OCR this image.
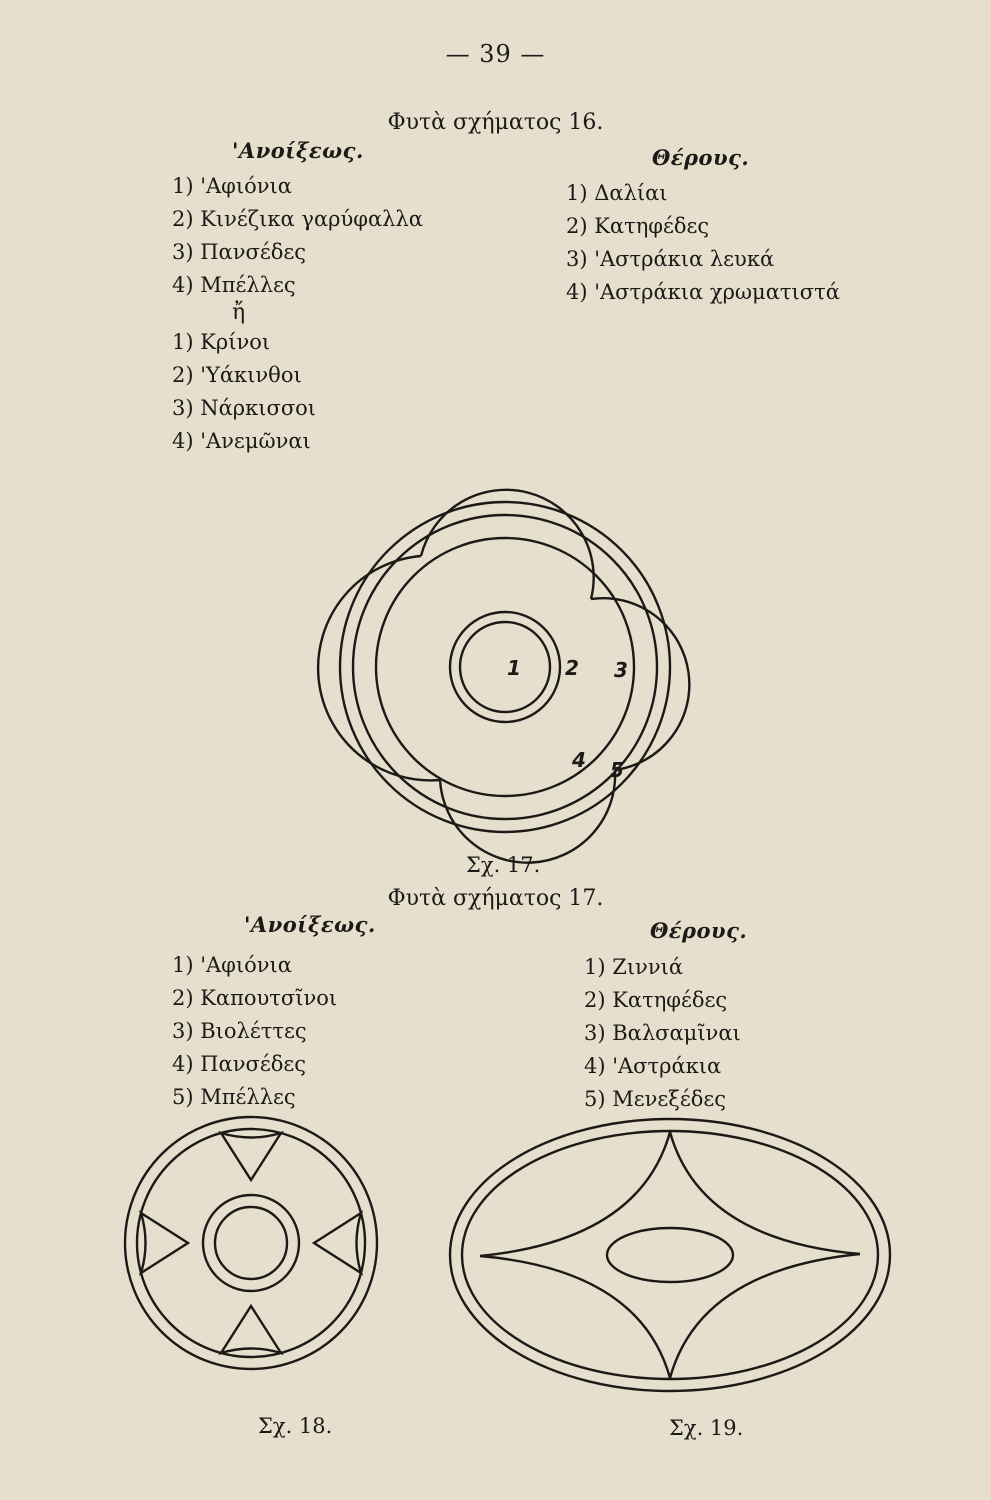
— 39 —
Φυτὰ σχήματος 16.
'Ανοίξεως.
1) 'Αφιόνια
2) Κινέζικα γαρύφαλλα
3) Πανσέδες
4) Μπέλλες
ἤ
1) Κρίνοι
2) 'Υάκινθοι
3) Νάρκισσοι
4) 'Ανεμῶναι
Θέρους.
1) Δαλίαι
2) Κατηφέδες
3) 'Αστράκια λευκά
4) 'Αστράκια χρωματιστά
1 2 3
4 5
Σχ. 17.
Φυτὰ σχήματος 17.
'Ανοίξεως.
1) 'Αφιόνια
2) Καπουτσῖνοι
3) Βιολέττες
4) Πανσέδες
5) Μπέλλες
Θέρους.
1) Ζιννιά
2) Κατηφέδες
3) Βαλσαμῖναι
4) 'Αστράκια
5) Μενεξέδες
Σχ. 18.	Σχ. 19.
